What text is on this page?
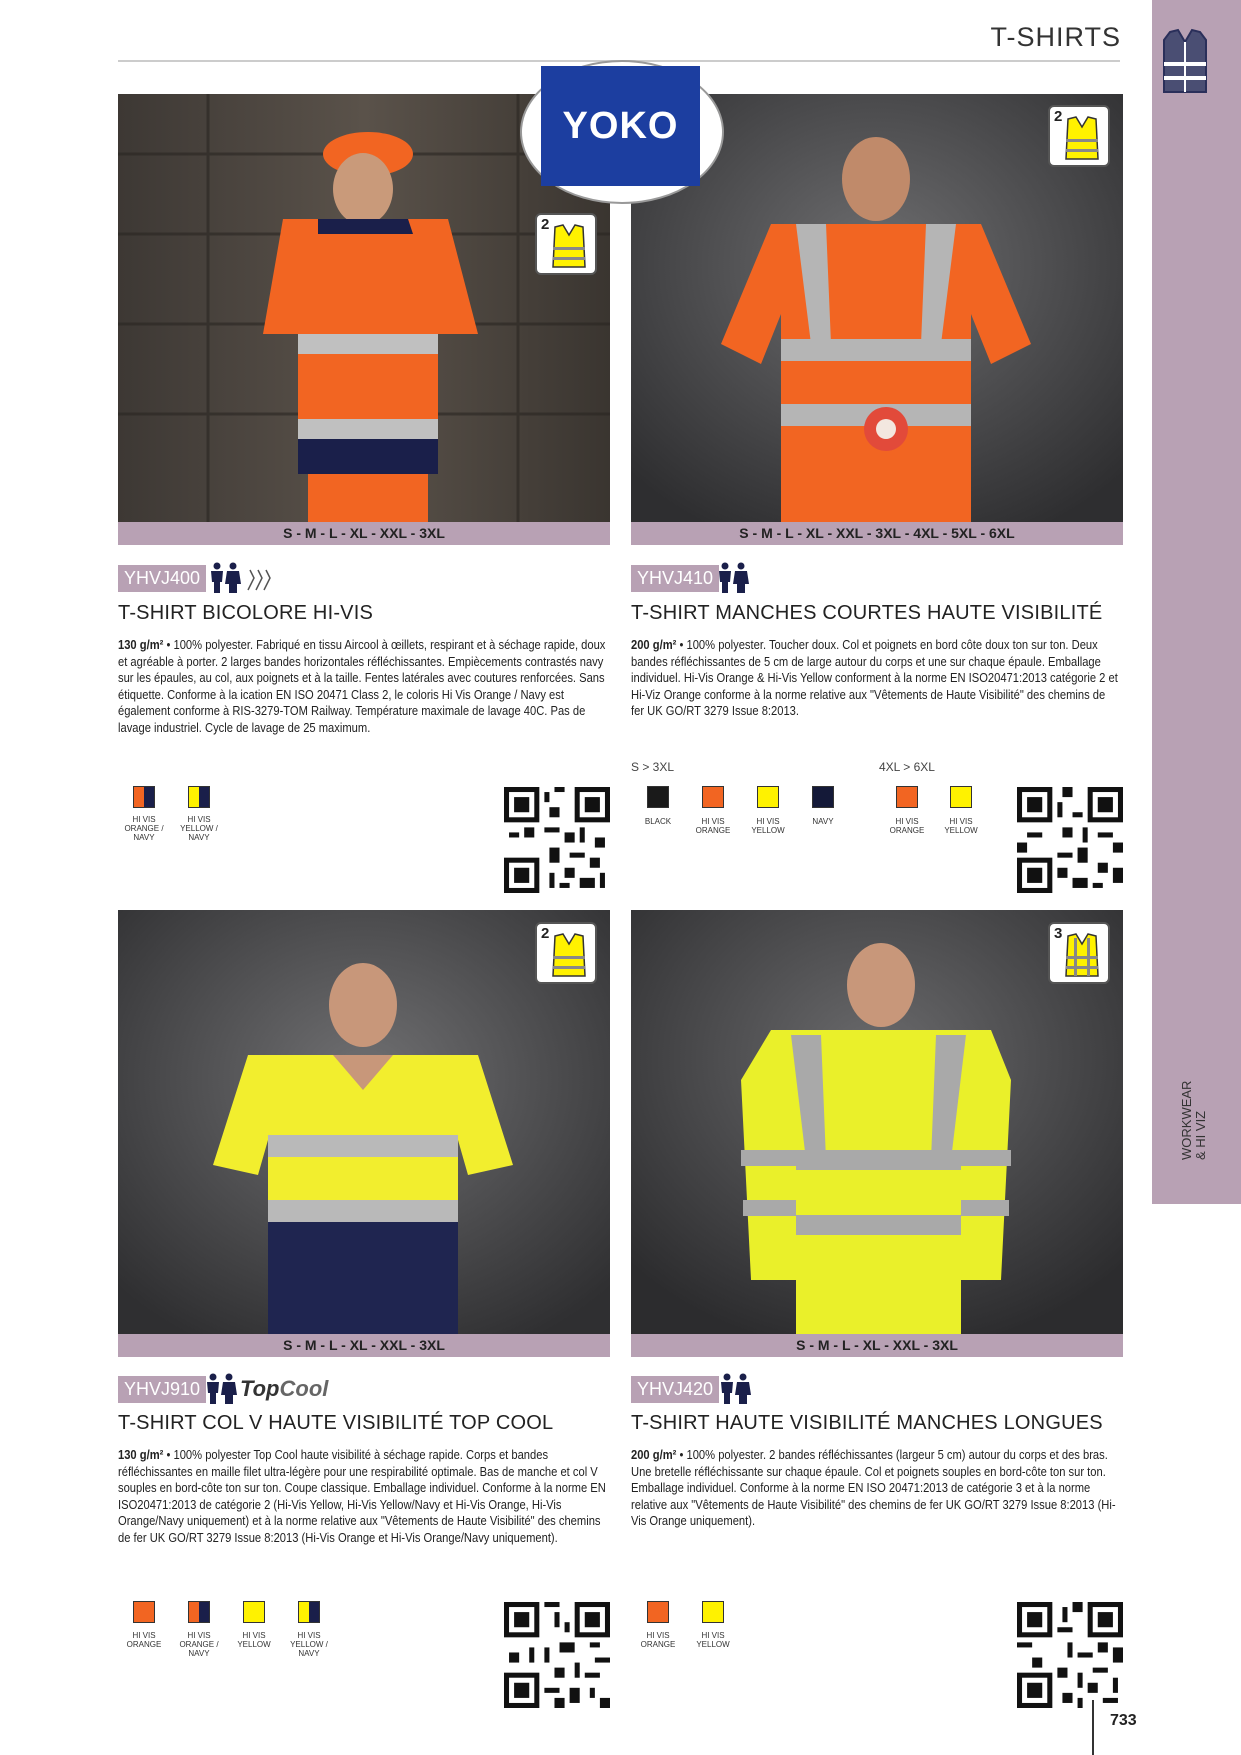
T-SHIRTS
WORKWEAR
& HI VIZ
2
S - M - L - XL - XXL - 3XL
YHVJ400
T-SHIRT BICOLORE HI-VIS
130 g/m² • 100% polyester. Fabriqué en tissu Aircool à œillets, respirant et à séchage rapide, doux et agréable à porter. 2 larges bandes horizontales réfléchissantes. Empiècements contrastés navy sur les épaules, au col, aux poignets et à la taille. Fentes latérales avec coutures renforcées. Sans étiquette. Conforme à la ication EN ISO 20471 Class 2, le coloris Hi Vis Orange / Navy est également conforme à RIS-3279-TOM Railway. Température maximale de lavage 40C. Pas de lavage industriel. Cycle de lavage de 25 maximum.
HI VIS ORANGE / NAVY
HI VIS YELLOW / NAVY
2
S - M - L - XL - XXL - 3XL - 4XL - 5XL - 6XL
YHVJ410
T-SHIRT MANCHES COURTES HAUTE VISIBILITÉ
200 g/m² • 100% polyester. Toucher doux. Col et poignets en bord côte doux ton sur ton. Deux bandes réfléchissantes de 5 cm de large autour du corps et une sur chaque épaule. Emballage individuel. Hi-Vis Orange & Hi-Vis Yellow conforment à la norme EN ISO20471:2013 catégorie 2 et Hi-Viz Orange conforme à la norme relative aux "Vêtements de Haute Visibilité" des chemins de fer UK GO/RT 3279 Issue 8:2013.
S > 3XL	4XL > 6XL
BLACK	HI VIS ORANGE
HI VIS YELLOW
NAVY	HI VIS ORANGE
HI VIS YELLOW
2
S - M - L - XL - XXL - 3XL
YHVJ910 TopCool
T-SHIRT COL V HAUTE VISIBILITÉ TOP COOL
130 g/m² • 100% polyester Top Cool haute visibilité à séchage rapide. Corps et bandes réfléchissantes en maille filet ultra-légère pour une respirabilité optimale. Bas de manche et col V souples en bord-côte ton sur ton. Coupe classique. Emballage individuel. Conforme à la norme EN ISO20471:2013 de catégorie 2 (Hi-Vis Yellow, Hi-Vis Yellow/Navy et Hi-Vis Orange, Hi-Vis Orange/Navy uniquement) et à la norme relative aux "Vêtements de Haute Visibilité" des chemins de fer UK GO/RT 3279 Issue 8:2013 (Hi-Vis Orange et Hi-Vis Orange/Navy uniquement).
HI VIS ORANGE
HI VIS ORANGE / NAVY
HI VIS YELLOW
HI VIS YELLOW / NAVY
3
S - M - L - XL - XXL - 3XL
YHVJ420
T-SHIRT HAUTE VISIBILITÉ MANCHES LONGUES
200 g/m² • 100% polyester. 2 bandes réfléchissantes (largeur 5 cm) autour du corps et des bras. Une bretelle réfléchissante sur chaque épaule. Col et poignets souples en bord-côte ton sur ton. Emballage individuel. Conforme à la norme EN ISO 20471:2013 de catégorie 3 et à la norme relative aux "Vêtements de Haute Visibilité" des chemins de fer UK GO/RT 3279 Issue 8:2013 (Hi-Vis Orange uniquement).
HI VIS ORANGE
HI VIS YELLOW
YOKO
733
